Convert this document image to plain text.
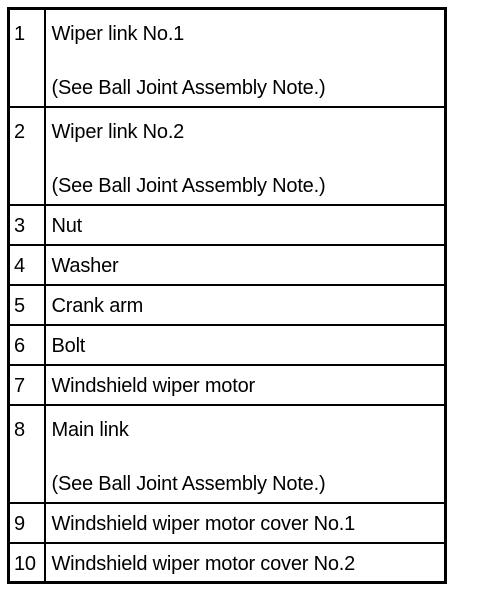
1	Wiper link No.1
(See Ball Joint Assembly Note.)

2	Wiper link No.2
(See Ball Joint Assembly Note.)

3	Nut
4	Washer
5	Crank arm
6	Bolt
7	Windshield wiper motor
8	Main link
(See Ball Joint Assembly Note.)

9	Windshield wiper motor cover No.1
10	Windshield wiper motor cover No.2
